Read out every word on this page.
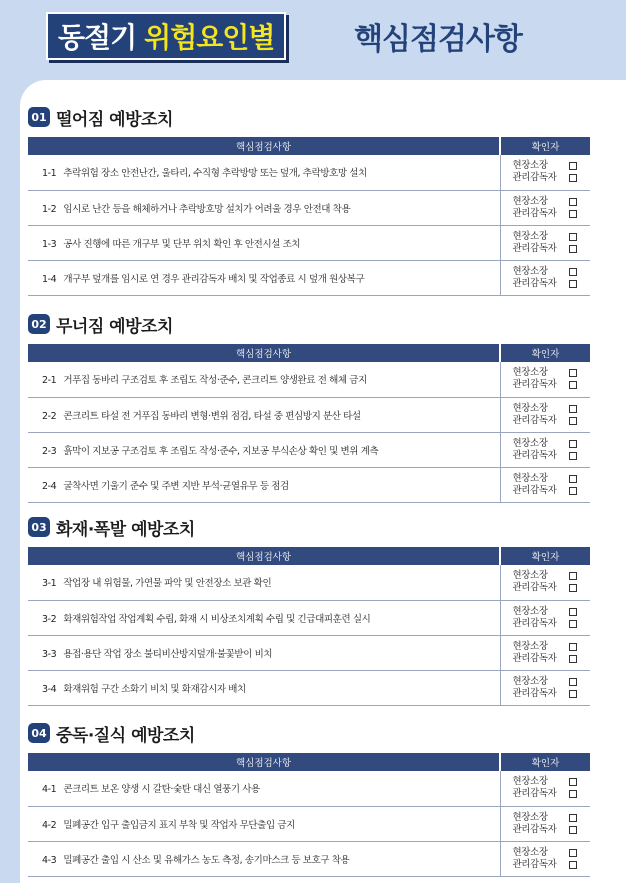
동절기 위험요인별	핵심점검사항
01 떨어짐 예방조치
핵심점검사항	확인자
1-1 추락위험 장소 안전난간, 울타리, 수직형 추락방망 또는 덮개, 추락방호망 설치	현장소장
관리감독자

1-2 임시로 난간 등을 해체하거나 추락방호망 설치가 어려울 경우 안전대 착용	현장소장
관리감독자

1-3 공사 진행에 따른 개구부 및 단부 위치 확인 후 안전시설 조치	현장소장
관리감독자

1-4 개구부 덮개를 임시로 연 경우 관리감독자 배치 및 작업종료 시 덮개 원상복구	현장소장
관리감독자
02 무너짐 예방조치
핵심점검사항	확인자
2-1 거푸집 동바리 구조검토 후 조립도 작성·준수, 콘크리트 양생완료 전 해체 금지	현장소장
관리감독자

2-2 콘크리트 타설 전 거푸집 동바리 변형·변위 점검, 타설 중 편심방지 분산 타설	현장소장
관리감독자

2-3 흙막이 지보공 구조검토 후 조립도 작성·준수, 지보공 부식손상 확인 및 변위 계측	현장소장
관리감독자

2-4 굴착사면 기울기 준수 및 주변 지반 부석·균열유무 등 점검	현장소장
관리감독자
03 화재·폭발 예방조치
핵심점검사항	확인자
3-1 작업장 내 위험물, 가연물 파악 및 안전장소 보관 확인	현장소장
관리감독자

3-2 화재위험작업 작업계획 수립, 화재 시 비상조치계획 수립 및 긴급대피훈련 실시	현장소장
관리감독자

3-3 용접·용단 작업 장소 불티비산방지덮개·불꽃받이 비치	현장소장
관리감독자

3-4 화재위험 구간 소화기 비치 및 화재감시자 배치	현장소장
관리감독자
04 중독·질식 예방조치
핵심점검사항	확인자
4-1 콘크리트 보온 양생 시 갈탄·숯탄 대신 열풍기 사용	현장소장
관리감독자

4-2 밀폐공간 입구 출입금지 표지 부착 및 작업자 무단출입 금지	현장소장
관리감독자

4-3 밀폐공간 출입 시 산소 및 유해가스 농도 측정, 송기마스크 등 보호구 착용	현장소장
관리감독자
